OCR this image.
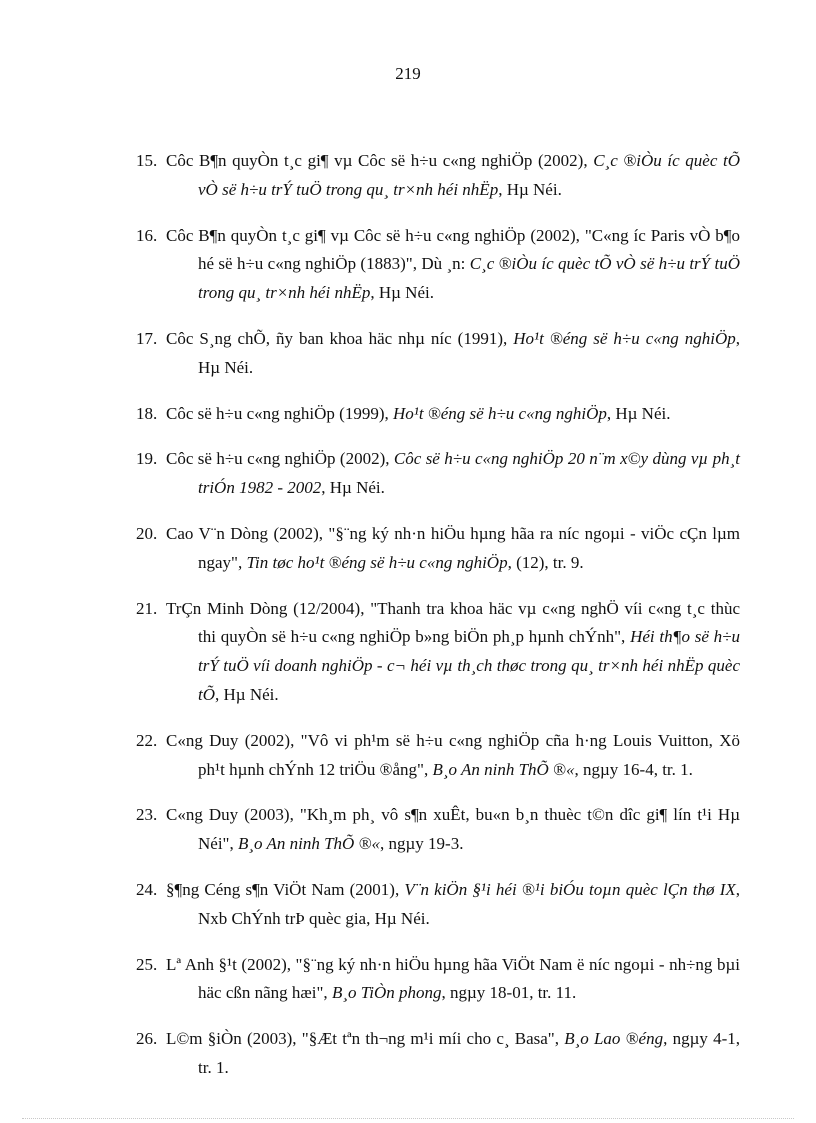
219

15. Côc B¶n quyÒn t¸c gi¶ vµ Côc së h÷u c«ng nghiÖp (2002), C¸c ®iÒu íc quèc tÕ vÒ së h÷u trÝ tuÖ trong qu¸ tr×nh héi nhËp, Hµ Néi.

16. Côc B¶n quyÒn t¸c gi¶ vµ Côc së h÷u c«ng nghiÖp (2002), "C«ng íc Paris vÒ b¶o hé së h÷u c«ng nghiÖp (1883)", Dù ¸n: C¸c ®iÒu íc quèc tÕ vÒ së h÷u trÝ tuÖ trong qu¸ tr×nh héi nhËp, Hµ Néi.

17. Côc S¸ng chÕ, ñy ban khoa häc nhµ níc (1991), Ho¹t ®éng së h÷u c«ng nghiÖp, Hµ Néi.

18. Côc së h÷u c«ng nghiÖp (1999), Ho¹t ®éng së h÷u c«ng nghiÖp, Hµ Néi.

19. Côc së h÷u c«ng nghiÖp (2002), Côc së h÷u c«ng nghiÖp 20 n¨m x©y dùng vµ ph¸t triÓn 1982 - 2002, Hµ Néi.

20. Cao V¨n Dòng (2002), "§¨ng ký nh·n hiÖu hµng hãa ra níc ngoµi - viÖc cÇn lµm ngay", Tin tøc ho¹t ®éng së h÷u c«ng nghiÖp, (12), tr. 9.

21. TrÇn Minh Dòng (12/2004), "Thanh tra khoa häc vµ c«ng nghÖ víi c«ng t¸c thùc thi quyÒn së h÷u c«ng nghiÖp b»ng biÖn ph¸p hµnh chÝnh", Héi th¶o së h÷u trÝ tuÖ víi doanh nghiÖp - c¬ héi vµ th¸ch thøc trong qu¸ tr×nh héi nhËp quèc tÕ, Hµ Néi.

22. C«ng Duy (2002), "Vô vi ph¹m së h÷u c«ng nghiÖp cña h·ng Louis Vuitton, Xö ph¹t hµnh chÝnh 12 triÖu ®ång", B¸o An ninh ThÕ ®«, ngµy 16-4, tr. 1.

23. C«ng Duy (2003), "Kh¸m ph¸ vô s¶n xuÊt, bu«n b¸n thuèc t©n dîc gi¶ lín t¹i Hµ Néi", B¸o An ninh ThÕ ®«, ngµy 19-3.

24. §¶ng Céng s¶n ViÖt Nam (2001), V¨n kiÖn §¹i héi ®¹i biÓu toµn quèc lÇn thø IX, Nxb ChÝnh trÞ quèc gia, Hµ Néi.

25. Lª Anh §¹t (2002), "§¨ng ký nh·n hiÖu hµng hãa ViÖt Nam ë níc ngoµi - nh÷ng bµi häc cßn nãng hæi", B¸o TiÒn phong, ngµy 18-01, tr. 11.

26. L©m §iÒn (2003), "§Æt tªn th¬ng m¹i míi cho c¸ Basa", B¸o Lao ®éng, ngµy 4-1, tr. 1.
